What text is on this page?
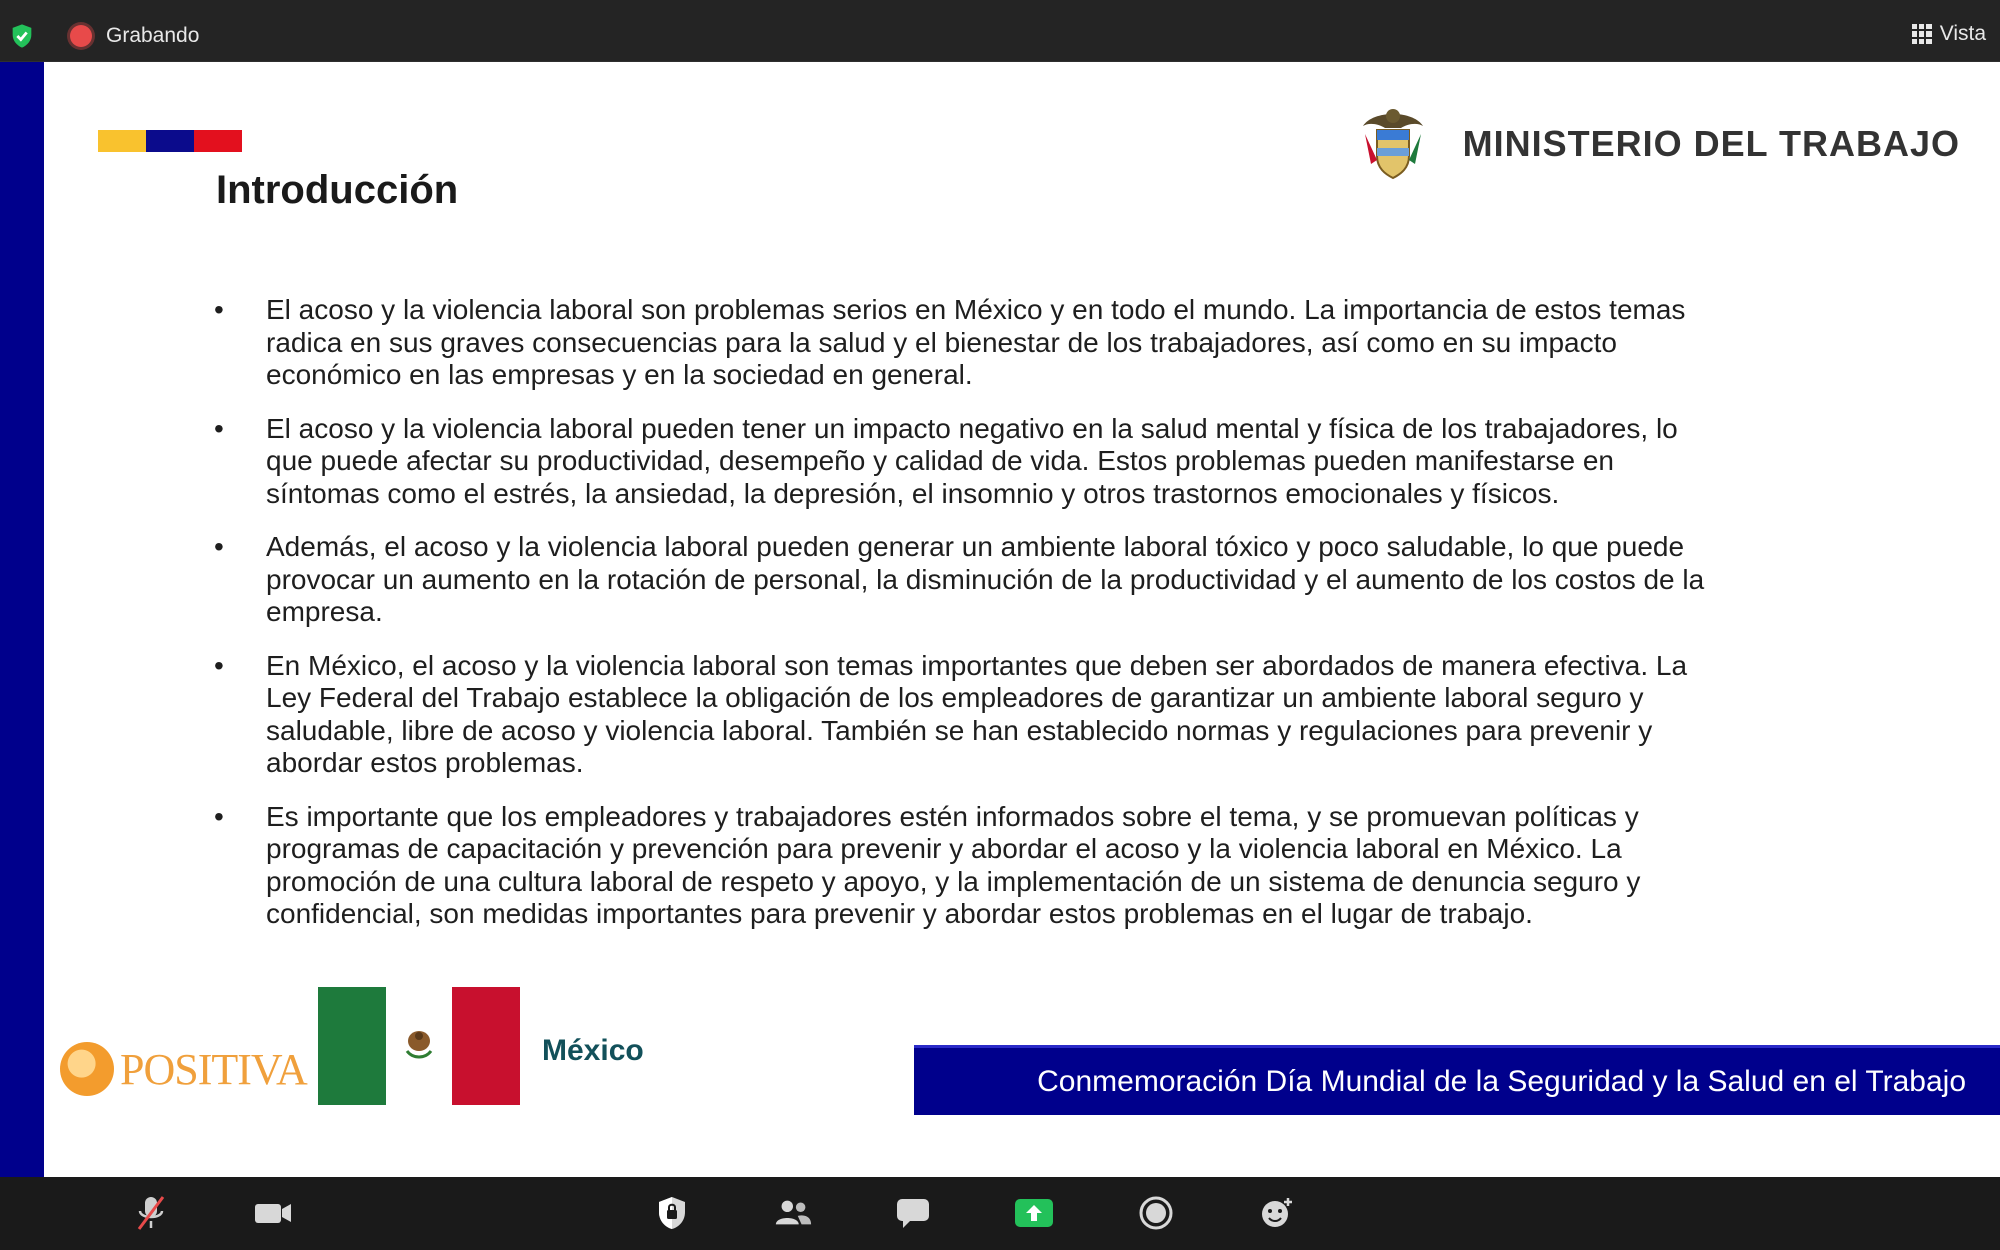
Grabando	Vista
Introducción
MINISTERIO DEL TRABAJO
• El acoso y la violencia laboral son problemas serios en México y en todo el mundo. La importancia de estos temas radica en sus graves consecuencias para la salud y el bienestar de los trabajadores, así como en su impacto económico en las empresas y en la sociedad en general.
• El acoso y la violencia laboral pueden tener un impacto negativo en la salud mental y física de los trabajadores, lo que puede afectar su productividad, desempeño y calidad de vida. Estos problemas pueden manifestarse en síntomas como el estrés, la ansiedad, la depresión, el insomnio y otros trastornos emocionales y físicos.
• Además, el acoso y la violencia laboral pueden generar un ambiente laboral tóxico y poco saludable, lo que puede provocar un aumento en la rotación de personal, la disminución de la productividad y el aumento de los costos de la empresa.
• En México, el acoso y la violencia laboral son temas importantes que deben ser abordados de manera efectiva. La Ley Federal del Trabajo establece la obligación de los empleadores de garantizar un ambiente laboral seguro y saludable, libre de acoso y violencia laboral. También se han establecido normas y regulaciones para prevenir y abordar estos problemas.
• Es importante que los empleadores y trabajadores estén informados sobre el tema, y se promuevan políticas y programas de capacitación y prevención para prevenir y abordar el acoso y la violencia laboral en México. La promoción de una cultura laboral de respeto y apoyo, y la implementación de un sistema de denuncia seguro y confidencial, son medidas importantes para prevenir y abordar estos problemas en el lugar de trabajo.
POSITIVA	México
Conmemoración Día Mundial de la Seguridad y la Salud en el Trabajo
